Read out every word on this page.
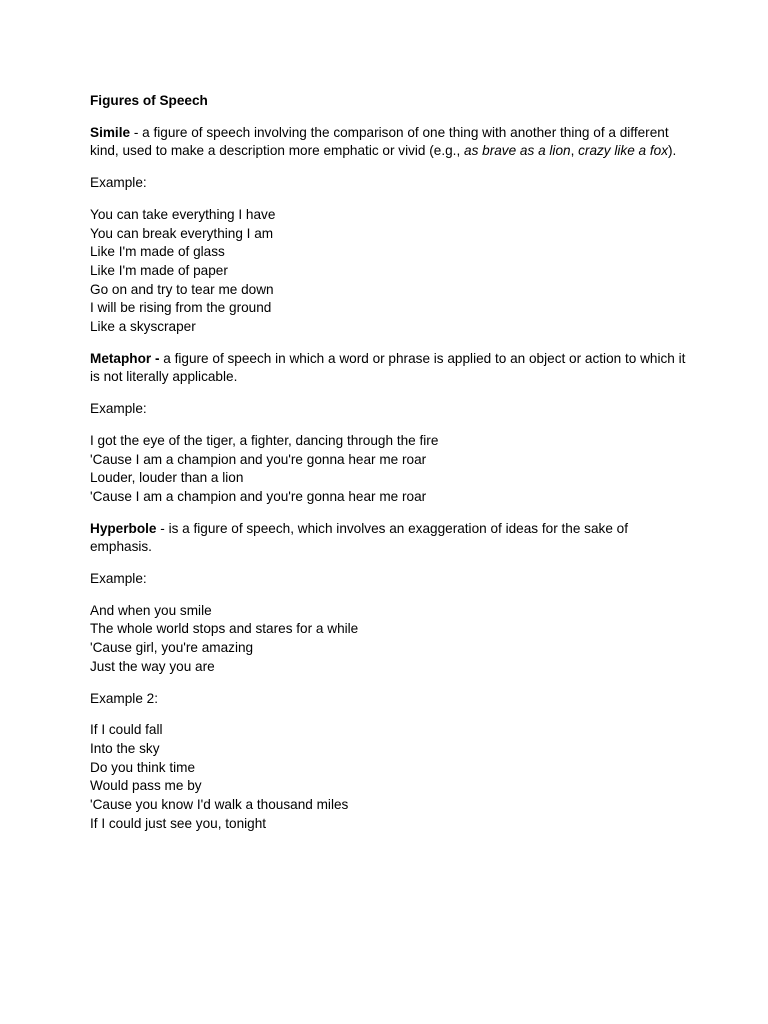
Figures of Speech
Simile - a figure of speech involving the comparison of one thing with another thing of a different kind, used to make a description more emphatic or vivid (e.g., as brave as a lion, crazy like a fox).
Example:
You can take everything I have
You can break everything I am
Like I'm made of glass
Like I'm made of paper
Go on and try to tear me down
I will be rising from the ground
Like a skyscraper
Metaphor - a figure of speech in which a word or phrase is applied to an object or action to which it is not literally applicable.
Example:
I got the eye of the tiger, a fighter, dancing through the fire
'Cause I am a champion and you're gonna hear me roar
Louder, louder than a lion
'Cause I am a champion and you're gonna hear me roar
Hyperbole - is a figure of speech, which involves an exaggeration of ideas for the sake of emphasis.
Example:
And when you smile
The whole world stops and stares for a while
'Cause girl, you're amazing
Just the way you are
Example 2:
If I could fall
Into the sky
Do you think time
Would pass me by
'Cause you know I'd walk a thousand miles
If I could just see you, tonight
